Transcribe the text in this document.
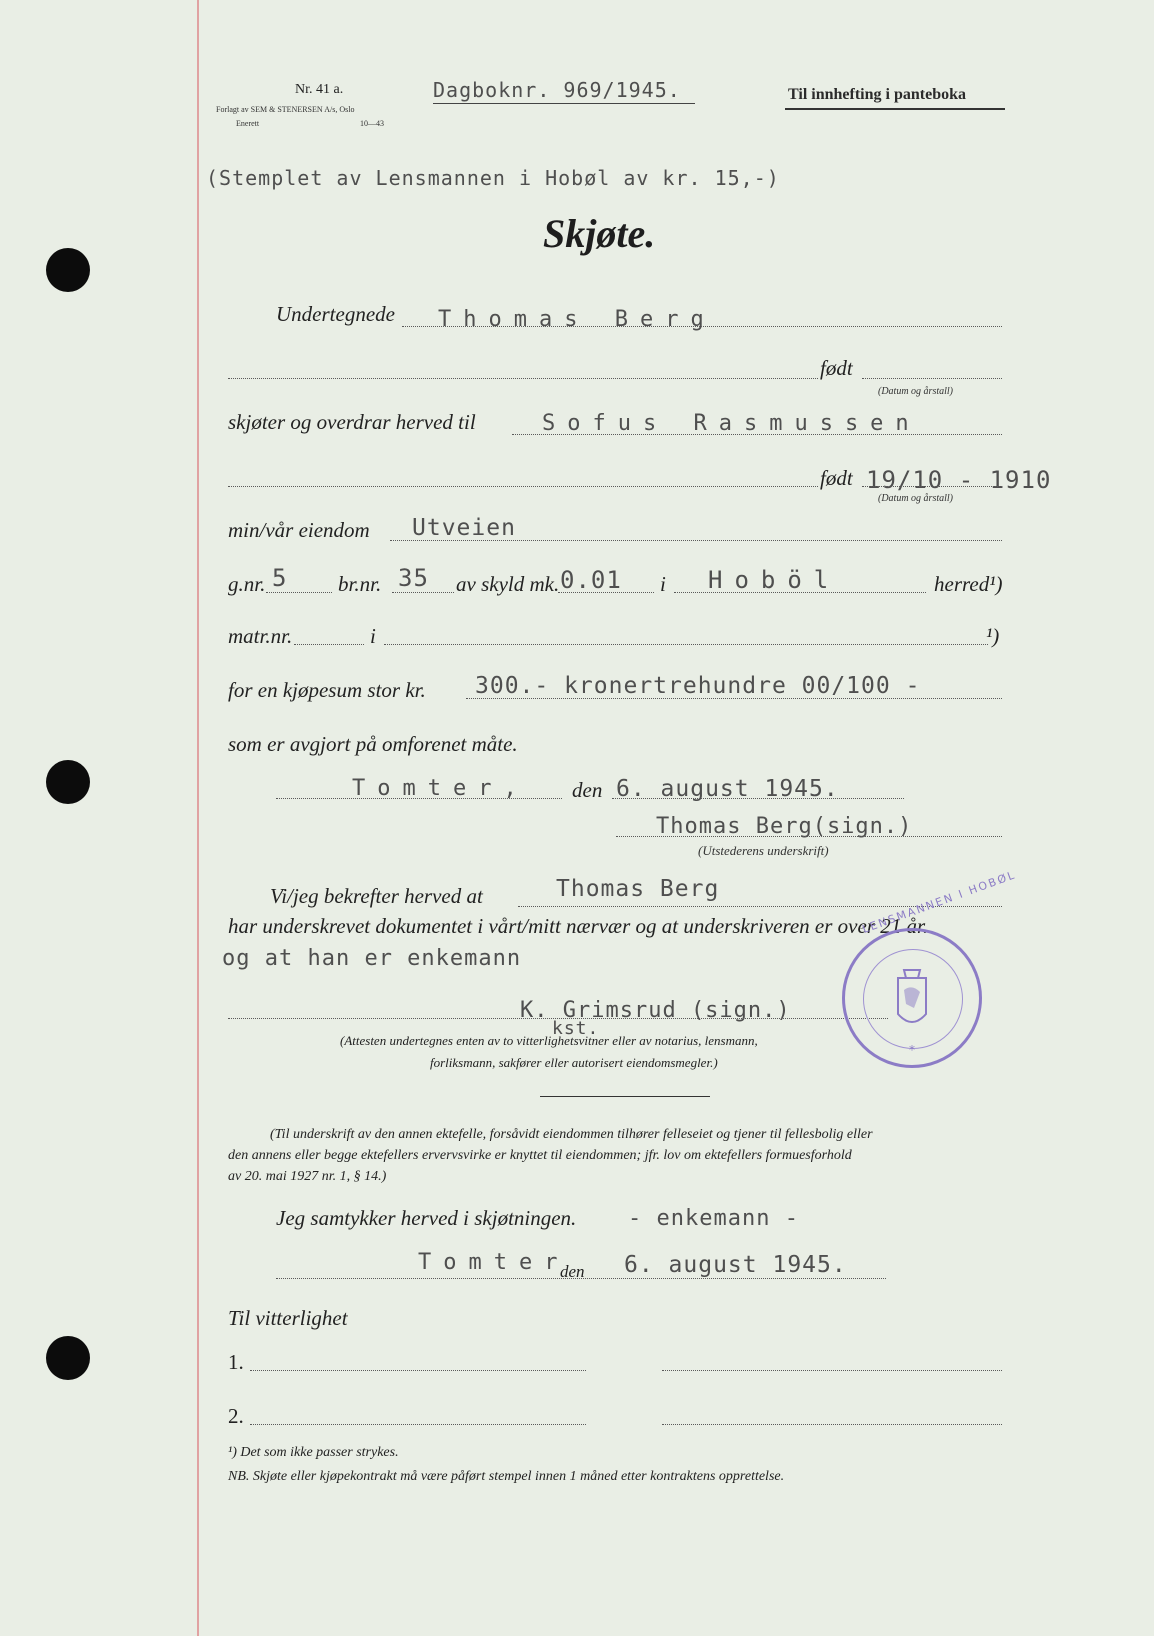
Nr. 41 a.
Forlagt av SEM & STENERSEN A/s, Oslo
Enerett	10—43
Dagboknr. 969/1945.	Til innhefting i panteboka
(Stemplet av Lensmannen i Hobøl av kr. 15,-)
Skjøte.
Undertegnede Thomas Berg
født
(Datum og årstall)
skjøter og overdrar herved til	Sofus Rasmussen
født 19/10 - 1910
(Datum og årstall)
min/vår eiendom Utveien
g.nr. 5 br.nr. 35 av skyld mk. 0.01 i Hoböl	herred¹)
matr.nr.	i	¹)
for en kjøpesum stor kr. 300.- kronertrehundre 00/100 -
som er avgjort på omforenet måte.
Tomter, den 6. august 1945.
Thomas Berg(sign.)
(Utstederens underskrift)
Vi/jeg bekrefter herved at	Thomas Berg
har underskrevet dokumentet i vårt/mitt nærvær og at underskriveren er over 21 år.
og at han er enkemann
K. Grimsrud (sign.)
kst.
(Attesten undertegnes enten av to vitterlighetsvitner eller av notarius, lensmann,
forliksmann, sakfører eller autorisert eiendomsmegler.)
*
LENSMANNEN I HOBØL
(Til underskrift av den annen ektefelle, forsåvidt eiendommen tilhører felleseiet og tjener til fellesbolig eller
den annens eller begge ektefellers ervervsvirke er knyttet til eiendommen; jfr. lov om ektefellers formuesforhold
av 20. mai 1927 nr. 1, § 14.)
Jeg samtykker herved i skjøtningen. - enkemann -
Tomter
den 6. august 1945.
Til vitterlighet
1.
2.
¹) Det som ikke passer strykes.
NB. Skjøte eller kjøpekontrakt må være påført stempel innen 1 måned etter kontraktens opprettelse.
